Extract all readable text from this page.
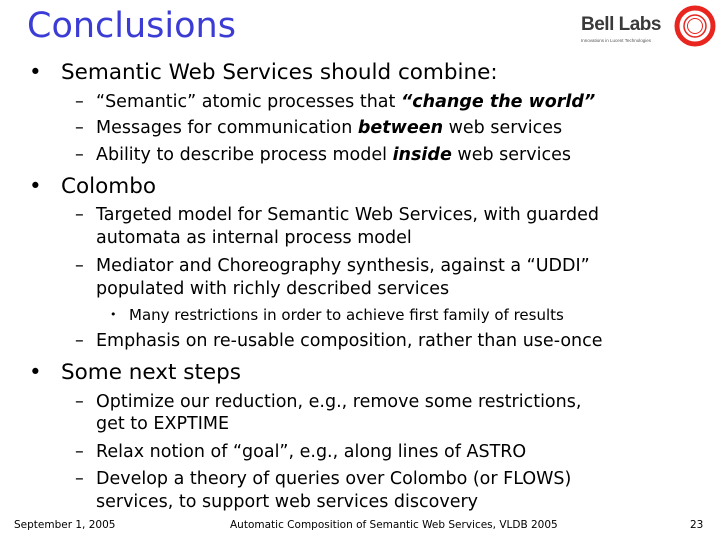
Conclusions	Bell Labs
Innovations in Lucent Technologies
• Semantic Web Services should combine:
– “Semantic” atomic processes that “change the world”
– Messages for communication between web services
– Ability to describe process model inside web services
• Colombo
– Targeted model for Semantic Web Services, with guarded
automata as internal process model
– Mediator and Choreography synthesis, against a “UDDI”
populated with richly described services
• Many restrictions in order to achieve first family of results
– Emphasis on re-usable composition, rather than use-once
• Some next steps
– Optimize our reduction, e.g., remove some restrictions,
get to EXPTIME
– Relax notion of “goal”, e.g., along lines of ASTRO
– Develop a theory of queries over Colombo (or FLOWS)
services, to support web services discovery
September 1, 2005	Automatic Composition of Semantic Web Services, VLDB 2005	23
